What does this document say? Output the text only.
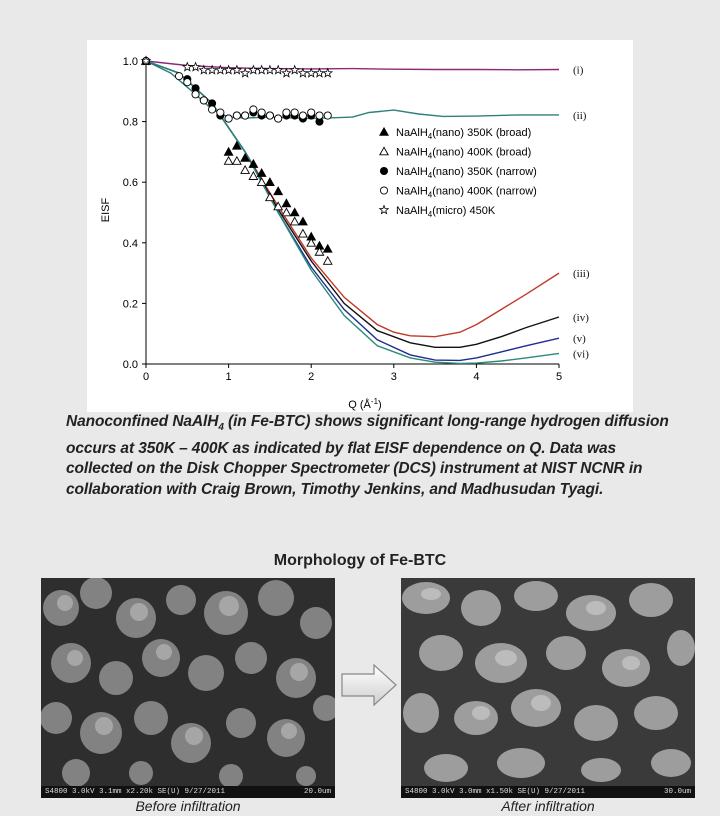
0	1	2	3	4	5
0.0
0.2
0.4
0.6
0.8
1.0
(i)
(ii)
(iii)
(iv)
(v)
(vi)
NaAlH$_4$(nano) 350K (broad)
NaAlH$_4$(nano) 400K (broad)
NaAlH$_4$(nano) 350K (narrow)
NaAlH$_4$(nano) 400K (narrow)
NaAlH$_4$(micro) 450K
EISF
Q $(Å^{-1})$
Nanoconfined NaAlH$_4$ (in Fe-BTC) shows significant long-range hydrogen diffusion occurs at 350K – 400K as indicated by flat EISF dependence on Q. Data was collected on the Disk Chopper Spectrometer (DCS) instrument at NIST NCNR in collaboration with Craig Brown, Timothy Jenkins, and Madhusudan Tyagi.
Morphology of Fe-BTC
S4800 3.0kV 3.1mm x2.20k SE(U) 9/27/2011	20.0um	S4800 3.0kV 3.0mm x1.50k SE(U) 9/27/2011	30.0um
Before infiltration	After infiltration
